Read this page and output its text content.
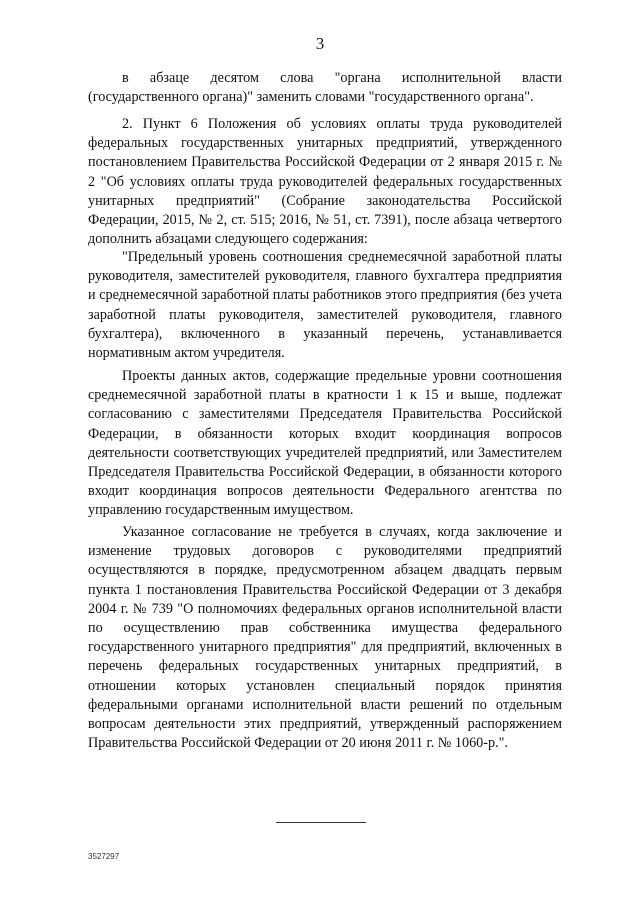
3

в абзаце десятом слова "органа исполнительной власти (государственного органа)" заменить словами "государственного органа".

2. Пункт 6 Положения об условиях оплаты труда руководителей федеральных государственных унитарных предприятий, утвержденного постановлением Правительства Российской Федерации от 2 января 2015 г. № 2 "Об условиях оплаты труда руководителей федеральных государственных унитарных предприятий" (Собрание законодательства Российской Федерации, 2015, № 2, ст. 515; 2016, № 51, ст. 7391), после абзаца четвертого дополнить абзацами следующего содержания:

"Предельный уровень соотношения среднемесячной заработной платы руководителя, заместителей руководителя, главного бухгалтера предприятия и среднемесячной заработной платы работников этого предприятия (без учета заработной платы руководителя, заместителей руководителя, главного бухгалтера), включенного в указанный перечень, устанавливается нормативным актом учредителя.

Проекты данных актов, содержащие предельные уровни соотношения среднемесячной заработной платы в кратности 1 к 15 и выше, подлежат согласованию с заместителями Председателя Правительства Российской Федерации, в обязанности которых входит координация вопросов деятельности соответствующих учредителей предприятий, или Заместителем Председателя Правительства Российской Федерации, в обязанности которого входит координация вопросов деятельности Федерального агентства по управлению государственным имуществом.

Указанное согласование не требуется в случаях, когда заключение и изменение трудовых договоров с руководителями предприятий осуществляются в порядке, предусмотренном абзацем двадцать первым пункта 1 постановления Правительства Российской Федерации от 3 декабря 2004 г. № 739 "О полномочиях федеральных органов исполнительной власти по осуществлению прав собственника имущества федерального государственного унитарного предприятия" для предприятий, включенных в перечень федеральных государственных унитарных предприятий, в отношении которых установлен специальный порядок принятия федеральными органами исполнительной власти решений по отдельным вопросам деятельности этих предприятий, утвержденный распоряжением Правительства Российской Федерации от 20 июня 2011 г. № 1060-р.".

3527297
